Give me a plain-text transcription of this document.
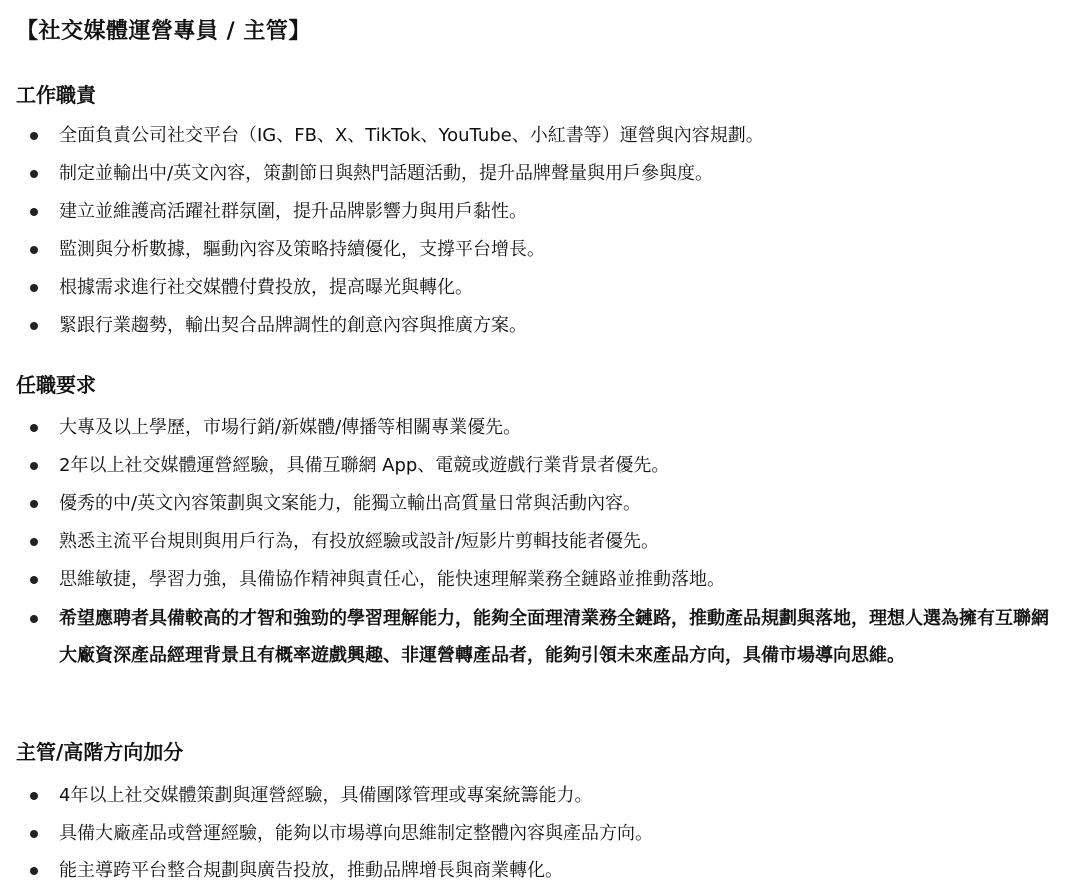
【社交媒體運營專員 / 主管】
工作職責
全面負責公司社交平台（IG、FB、X、TikTok、YouTube、小紅書等）運營與內容規劃。
制定並輸出中/英文內容，策劃節日與熱門話題活動，提升品牌聲量與用戶參與度。
建立並維護高活躍社群氛圍，提升品牌影響力與用戶黏性。
監測與分析數據，驅動內容及策略持續優化，支撐平台增長。
根據需求進行社交媒體付費投放，提高曝光與轉化。
緊跟行業趨勢，輸出契合品牌調性的創意內容與推廣方案。
任職要求
大專及以上學歷，市場行銷/新媒體/傳播等相關專業優先。
2年以上社交媒體運營經驗，具備互聯網 App、電競或遊戲行業背景者優先。
優秀的中/英文內容策劃與文案能力，能獨立輸出高質量日常與活動內容。
熟悉主流平台規則與用戶行為，有投放經驗或設計/短影片剪輯技能者優先。
思維敏捷，學習力強，具備協作精神與責任心，能快速理解業務全鏈路並推動落地。
希望應聘者具備較高的才智和強勁的學習理解能力，能夠全面理清業務全鏈路，推動產品規劃與落地，理想人選為擁有互聯網大廠資深產品經理背景且有概率遊戲興趣、非運營轉產品者，能夠引領未來產品方向，具備市場導向思維。
主管/高階方向加分
4年以上社交媒體策劃與運營經驗，具備團隊管理或專案統籌能力。
具備大廠產品或營運經驗，能夠以市場導向思維制定整體內容與產品方向。
能主導跨平台整合規劃與廣告投放，推動品牌增長與商業轉化。
